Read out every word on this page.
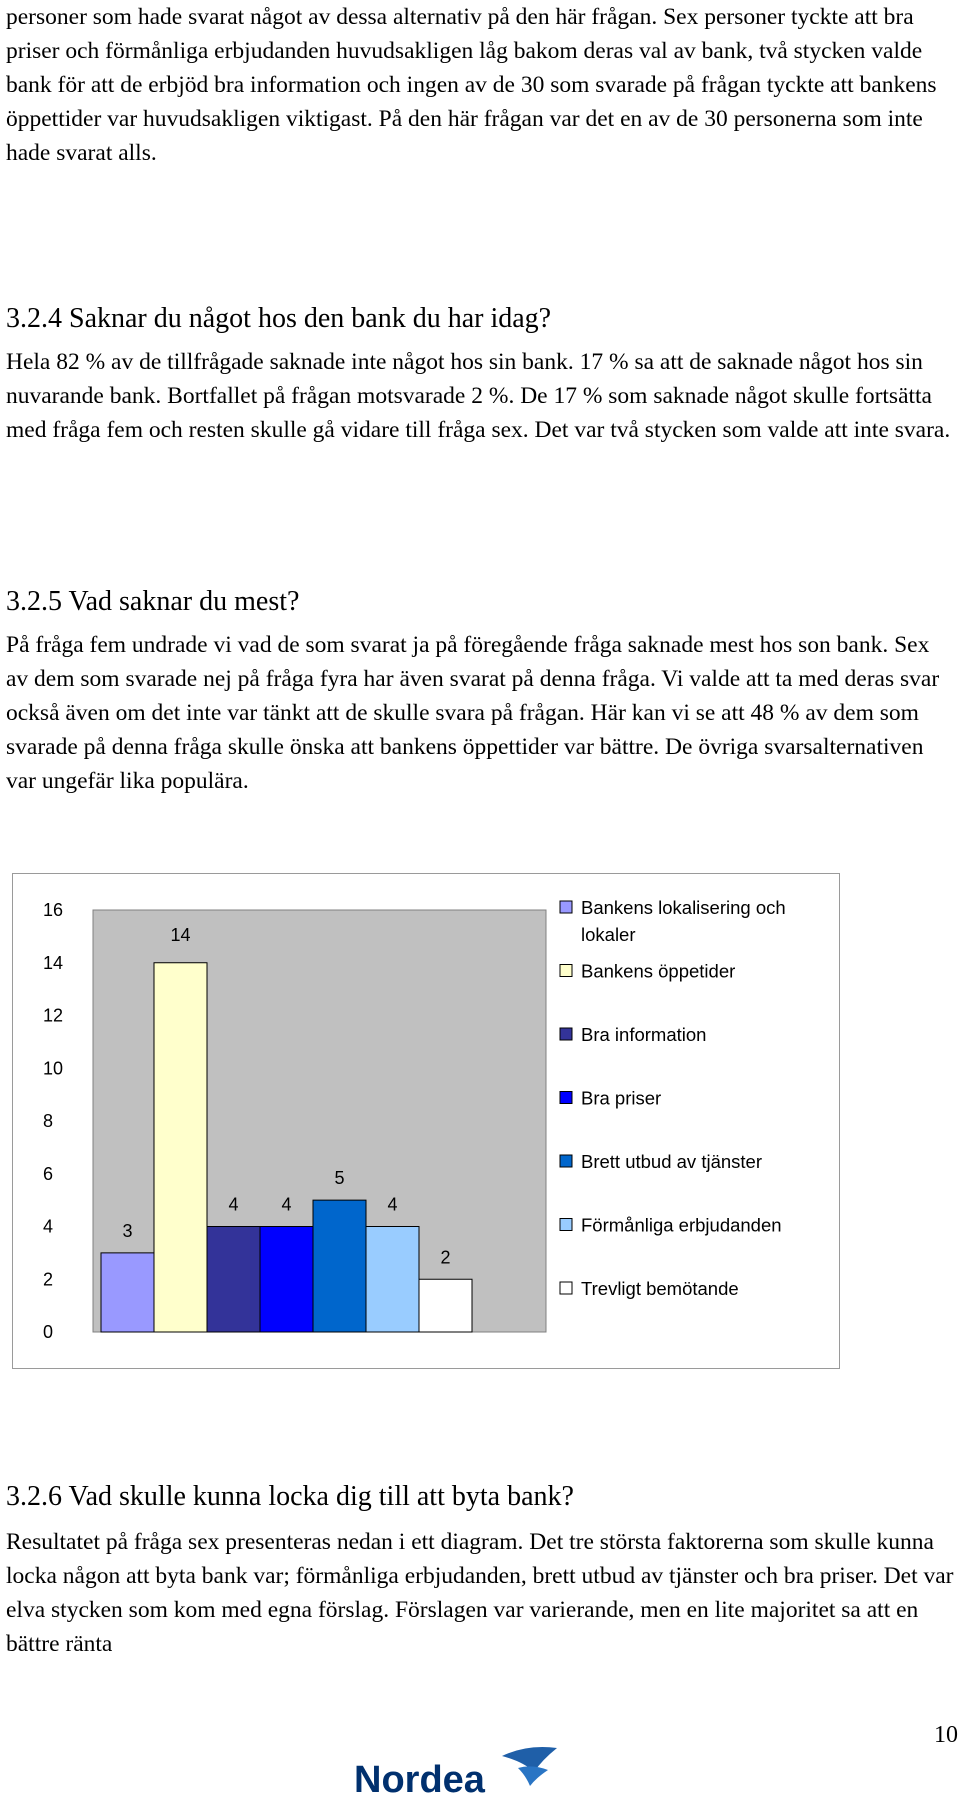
personer som hade svarat något av dessa alternativ på den här frågan. Sex personer tyckte att bra priser och förmånliga erbjudanden huvudsakligen låg bakom deras val av bank, två stycken valde bank för att de erbjöd bra information och ingen av de 30 som svarade på frågan tyckte att bankens öppettider var huvudsakligen viktigast. På den här frågan var det en av de 30 personerna som inte hade svarat alls.

3.2.4 Saknar du något hos den bank du har idag?

Hela 82 % av de tillfrågade saknade inte något hos sin bank. 17 % sa att de saknade något hos sin nuvarande bank. Bortfallet på frågan motsvarade 2 %. De 17 % som saknade något skulle fortsätta med fråga fem och resten skulle gå vidare till fråga sex. Det var två stycken som valde att inte svara.

3.2.5 Vad saknar du mest?

På fråga fem undrade vi vad de som svarat ja på föregående fråga saknade mest hos son bank. Sex av dem som svarade nej på fråga fyra har även svarat på denna fråga. Vi valde att ta med deras svar också även om det inte var tänkt att de skulle svara på frågan. Här kan vi se att 48 % av dem som svarade på denna fråga skulle önska att bankens öppettider var bättre. De övriga svarsalternativen var ungefär lika populära.

0
2
4
6
8
10
12
14
16
3
14
4 4
5
4
2
Bankens lokalisering och
lokaler
Bankens öppetider
Bra information
Bra priser
Brett utbud av tjänster
Förmånliga erbjudanden
Trevligt bemötande
3.2.6 Vad skulle kunna locka dig till att byta bank?

Resultatet på fråga sex presenteras nedan i ett diagram. Det tre största faktorerna som skulle kunna locka någon att byta bank var; förmånliga erbjudanden, brett utbud av tjänster och bra priser. Det var elva stycken som kom med egna förslag. Förslagen var varierande, men en lite majoritet sa att en bättre ränta

10
Nordea
